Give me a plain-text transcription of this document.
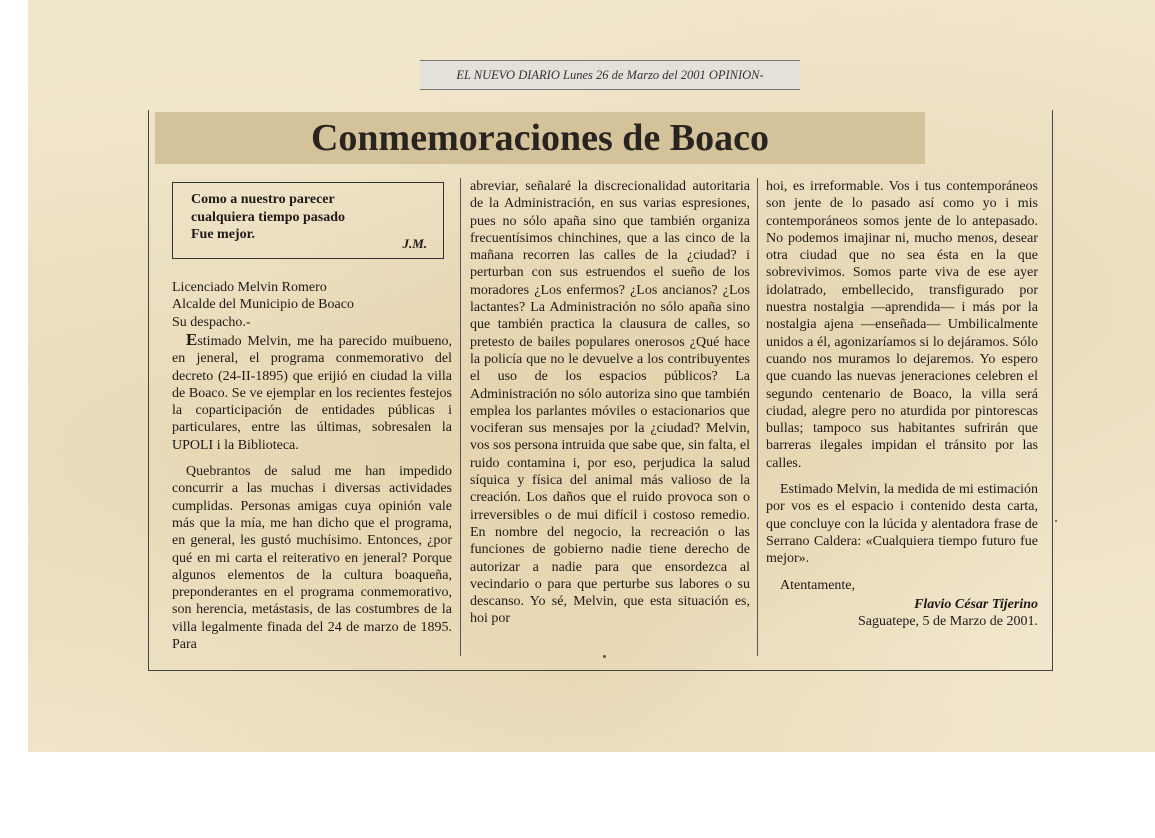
EL NUEVO DIARIO Lunes 26 de Marzo del 2001 OPINION-
Conmemoraciones de Boaco

Como a nuestro parecer
cualquiera tiempo pasado
Fue mejor.

J.M.

Licenciado Melvin Romero

Alcalde del Municipio de Boaco

Su despacho.-

Estimado Melvin, me ha parecido muibueno, en jeneral, el programa conmemorativo del decreto (24-II-1895) que erijió en ciudad la villa de Boaco. Se ve ejemplar en los recientes festejos la coparticipación de entidades públicas i particulares, entre las últimas, sobresalen la UPOLI i la Biblioteca.

Quebrantos de salud me han impedido concurrir a las muchas i diversas actividades cumplidas. Personas amigas cuya opinión vale más que la mía, me han dicho que el programa, en general, les gustó muchísimo. Entonces, ¿por qué en mi carta el reiterativo en jeneral? Porque algunos elementos de la cultura boaqueña, preponderantes en el programa conmemorativo, son herencia, metástasis, de las costumbres de la villa legalmente finada del 24 de marzo de 1895. Para

abreviar, señalaré la discrecionalidad autoritaria de la Administración, en sus varias espresiones, pues no sólo apaña sino que también organiza frecuentísimos chinchines, que a las cinco de la mañana recorren las calles de la ¿ciudad? i perturban con sus estruendos el sueño de los moradores ¿Los enfermos? ¿Los ancianos? ¿Los lactantes? La Administración no sólo apaña sino que también practica la clausura de calles, so pretesto de bailes populares onerosos ¿Qué hace la policía que no le devuelve a los contribuyentes el uso de los espacios públicos? La Administración no sólo autoriza sino que también emplea los parlantes móviles o estacionarios que vociferan sus mensajes por la ¿ciudad? Melvin, vos sos persona intruida que sabe que, sin falta, el ruido contamina i, por eso, perjudica la salud síquica y física del animal más valioso de la creación. Los daños que el ruido provoca son o irreversibles o de mui difícil i costoso remedio. En nombre del negocio, la recreación o las funciones de gobierno nadie tiene derecho de autorizar a nadie para que ensordezca al vecindario o para que perturbe sus labores o su descanso. Yo sé, Melvin, que esta situación es, hoi por

hoi, es irreformable. Vos i tus contemporáneos son jente de lo pasado así como yo i mis contemporáneos somos jente de lo antepasado. No podemos imajinar ni, mucho menos, desear otra ciudad que no sea ésta en la que sobrevivimos. Somos parte viva de ese ayer idolatrado, embellecido, transfigurado por nuestra nostalgia —aprendida— i más por la nostalgia ajena —enseñada— Umbilicalmente unidos a él, agonizaríamos si lo dejáramos. Sólo cuando nos muramos lo dejaremos. Yo espero que cuando las nuevas jeneraciones celebren el segundo centenario de Boaco, la villa será ciudad, alegre pero no aturdida por pintorescas bullas; tampoco sus habitantes sufrirán que barreras ilegales impidan el tránsito por las calles.

Estimado Melvin, la medida de mi estimación por vos es el espacio i contenido desta carta, que concluye con la lúcida y alentadora frase de Serrano Caldera: «Cualquiera tiempo futuro fue mejor».

Atentamente,

Flavio César Tijerino

Saguatepe, 5 de Marzo de 2001.
